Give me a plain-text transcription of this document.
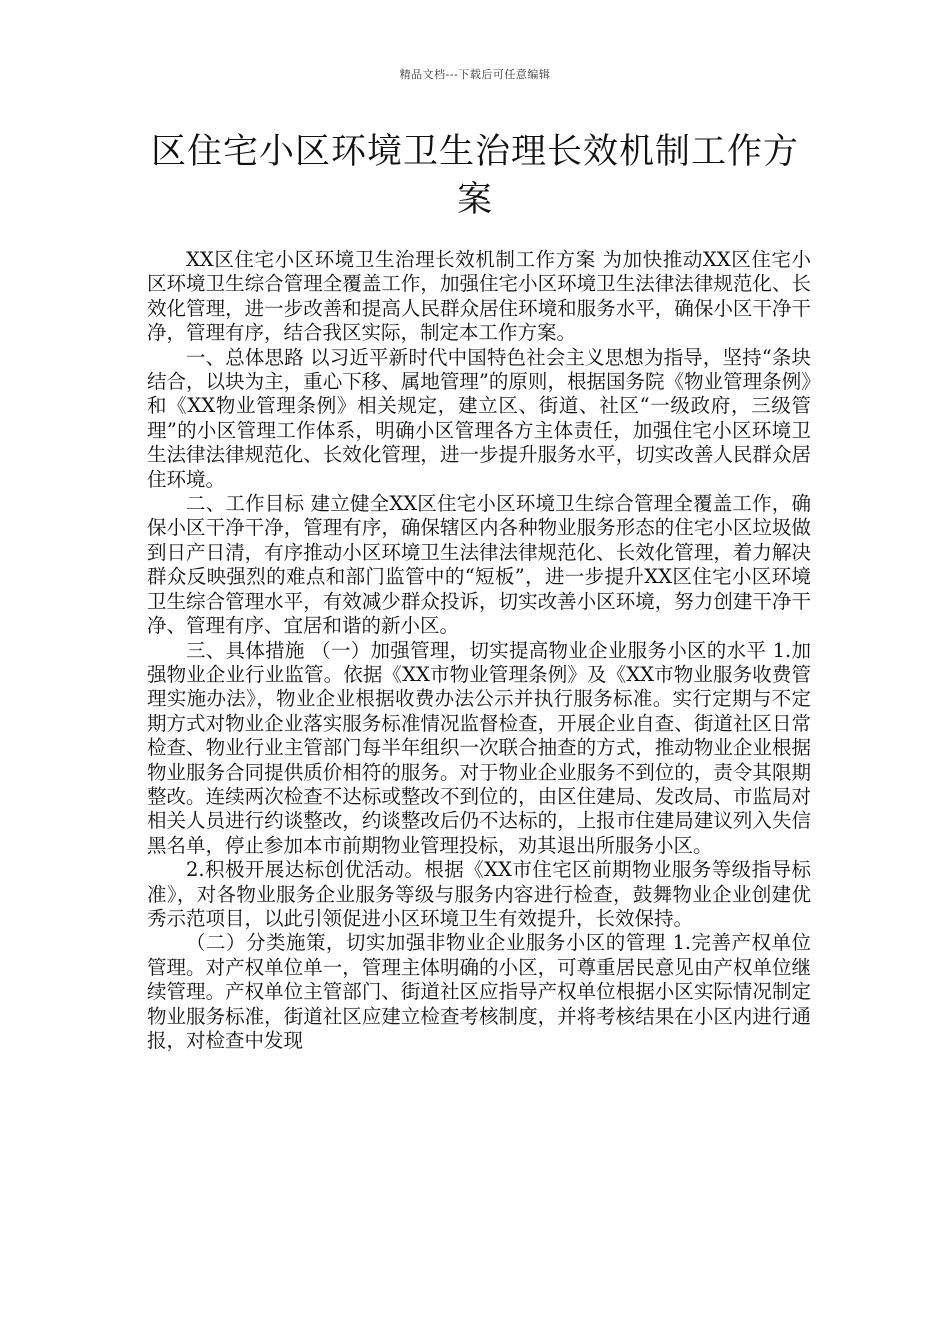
精品文档---下载后可任意编辑
区住宅小区环境卫生治理长效机制工作方案

XX区住宅小区环境卫生治理长效机制工作方案 为加快推动XX区住宅小区环境卫生综合管理全覆盖工作，加强住宅小区环境卫生法律法律规范化、长效化管理，进一步改善和提高人民群众居住环境和服务水平，确保小区干净干净，管理有序，结合我区实际，制定本工作方案。

一、总体思路 以习近平新时代中国特色社会主义思想为指导，坚持“条块结合，以块为主，重心下移、属地管理”的原则，根据国务院《物业管理条例》和《XX物业管理条例》相关规定，建立区、街道、社区“一级政府，三级管理”的小区管理工作体系，明确小区管理各方主体责任，加强住宅小区环境卫生法律法律规范化、长效化管理，进一步提升服务水平，切实改善人民群众居住环境。

二、工作目标 建立健全XX区住宅小区环境卫生综合管理全覆盖工作，确保小区干净干净，管理有序，确保辖区内各种物业服务形态的住宅小区垃圾做到日产日清，有序推动小区环境卫生法律法律规范化、长效化管理，着力解决群众反映强烈的难点和部门监管中的“短板”，进一步提升XX区住宅小区环境卫生综合管理水平，有效减少群众投诉，切实改善小区环境，努力创建干净干净、管理有序、宜居和谐的新小区。

三、具体措施 （一）加强管理，切实提高物业企业服务小区的水平 1.加强物业企业行业监管。依据《XX市物业管理条例》及《XX市物业服务收费管理实施办法》，物业企业根据收费办法公示并执行服务标准。实行定期与不定期方式对物业企业落实服务标准情况监督检查，开展企业自查、街道社区日常检查、物业行业主管部门每半年组织一次联合抽查的方式，推动物业企业根据物业服务合同提供质价相符的服务。对于物业企业服务不到位的，责令其限期整改。连续两次检查不达标或整改不到位的，由区住建局、发改局、市监局对相关人员进行约谈整改，约谈整改后仍不达标的，上报市住建局建议列入失信黑名单，停止参加本市前期物业管理投标，劝其退出所服务小区。

2.积极开展达标创优活动。根据《XX市住宅区前期物业服务等级指导标准》，对各物业服务企业服务等级与服务内容进行检查，鼓舞物业企业创建优秀示范项目，以此引领促进小区环境卫生有效提升，长效保持。

（二）分类施策，切实加强非物业企业服务小区的管理 1.完善产权单位管理。对产权单位单一，管理主体明确的小区，可尊重居民意见由产权单位继续管理。产权单位主管部门、街道社区应指导产权单位根据小区实际情况制定物业服务标准，街道社区应建立检查考核制度，并将考核结果在小区内进行通报，对检查中发现
